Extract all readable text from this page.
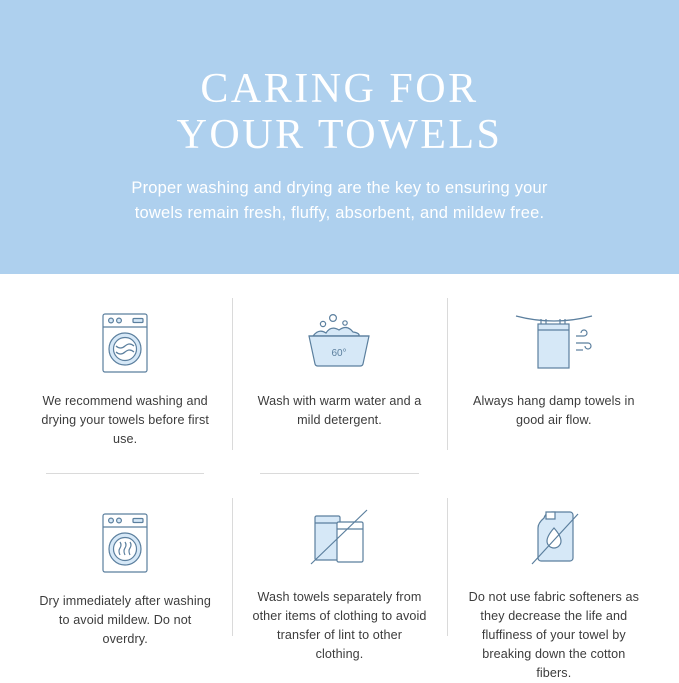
CARING FOR
YOUR TOWELS

Proper washing and drying are the key to ensuring your towels remain fresh, fluffy, absorbent, and mildew free.

We recommend washing and drying your towels before first use.
60°
Wash with warm water and a mild detergent.
Always hang damp towels in good air flow.
Dry immediately after washing to avoid mildew. Do not overdry.
Wash towels separately from other items of clothing to avoid transfer of lint to other clothing.
Do not use fabric softeners as they decrease the life and fluffiness of your towel by breaking down the cotton fibers.
